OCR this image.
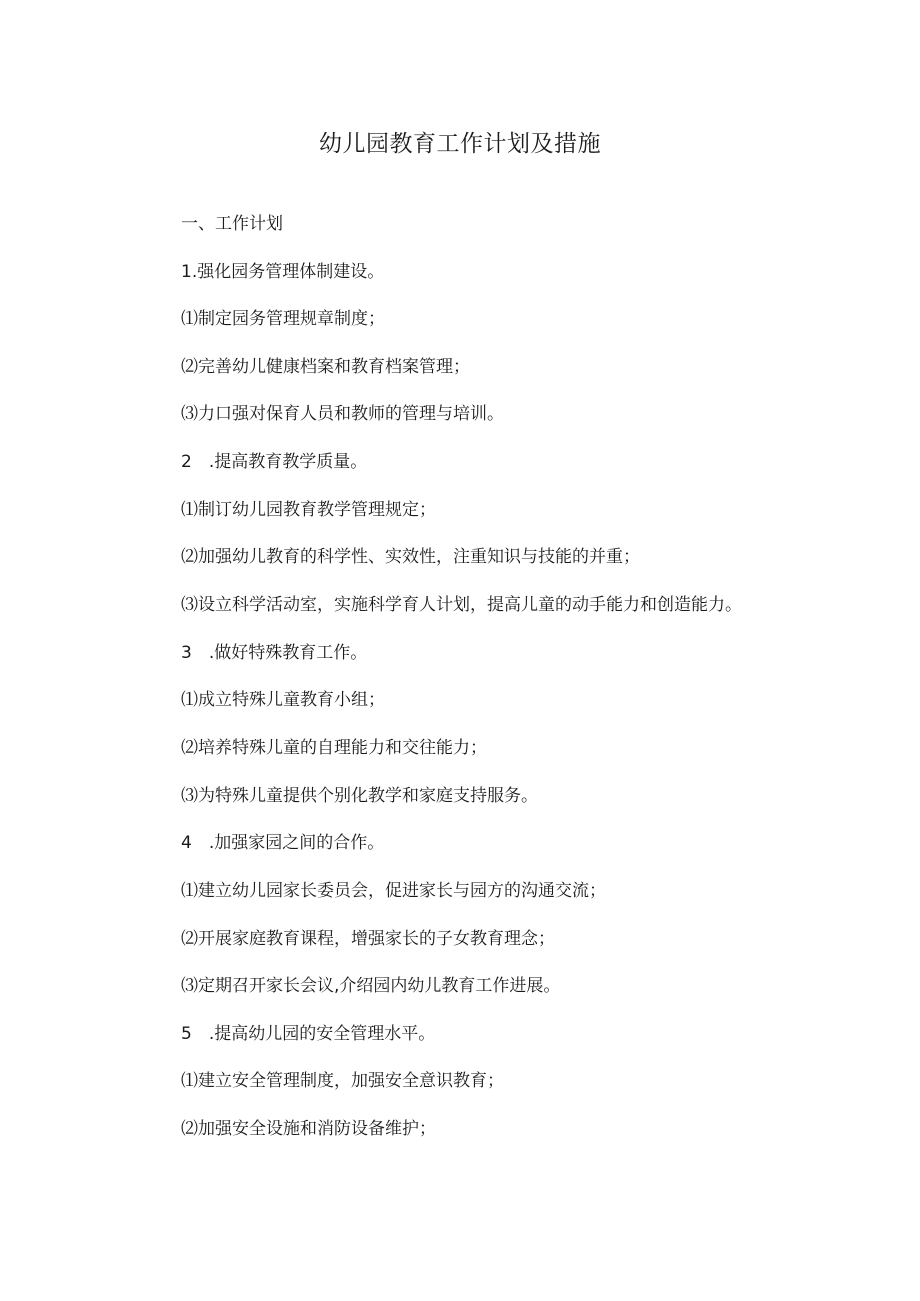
幼儿园教育工作计划及措施

一、工作计划

1.强化园务管理体制建设。

⑴制定园务管理规章制度；

⑵完善幼儿健康档案和教育档案管理；

⑶力口强对保育人员和教师的管理与培训。

2　.提高教育教学质量。

⑴制订幼儿园教育教学管理规定；

⑵加强幼儿教育的科学性、实效性，注重知识与技能的并重；

⑶设立科学活动室，实施科学育人计划，提高儿童的动手能力和创造能力。

3　.做好特殊教育工作。

⑴成立特殊儿童教育小组；

⑵培养特殊儿童的自理能力和交往能力；

⑶为特殊儿童提供个别化教学和家庭支持服务。

4　.加强家园之间的合作。

⑴建立幼儿园家长委员会，促进家长与园方的沟通交流；

⑵开展家庭教育课程，增强家长的子女教育理念；

⑶定期召开家长会议,介绍园内幼儿教育工作进展。

5　.提高幼儿园的安全管理水平。

⑴建立安全管理制度，加强安全意识教育；

⑵加强安全设施和消防设备维护；
